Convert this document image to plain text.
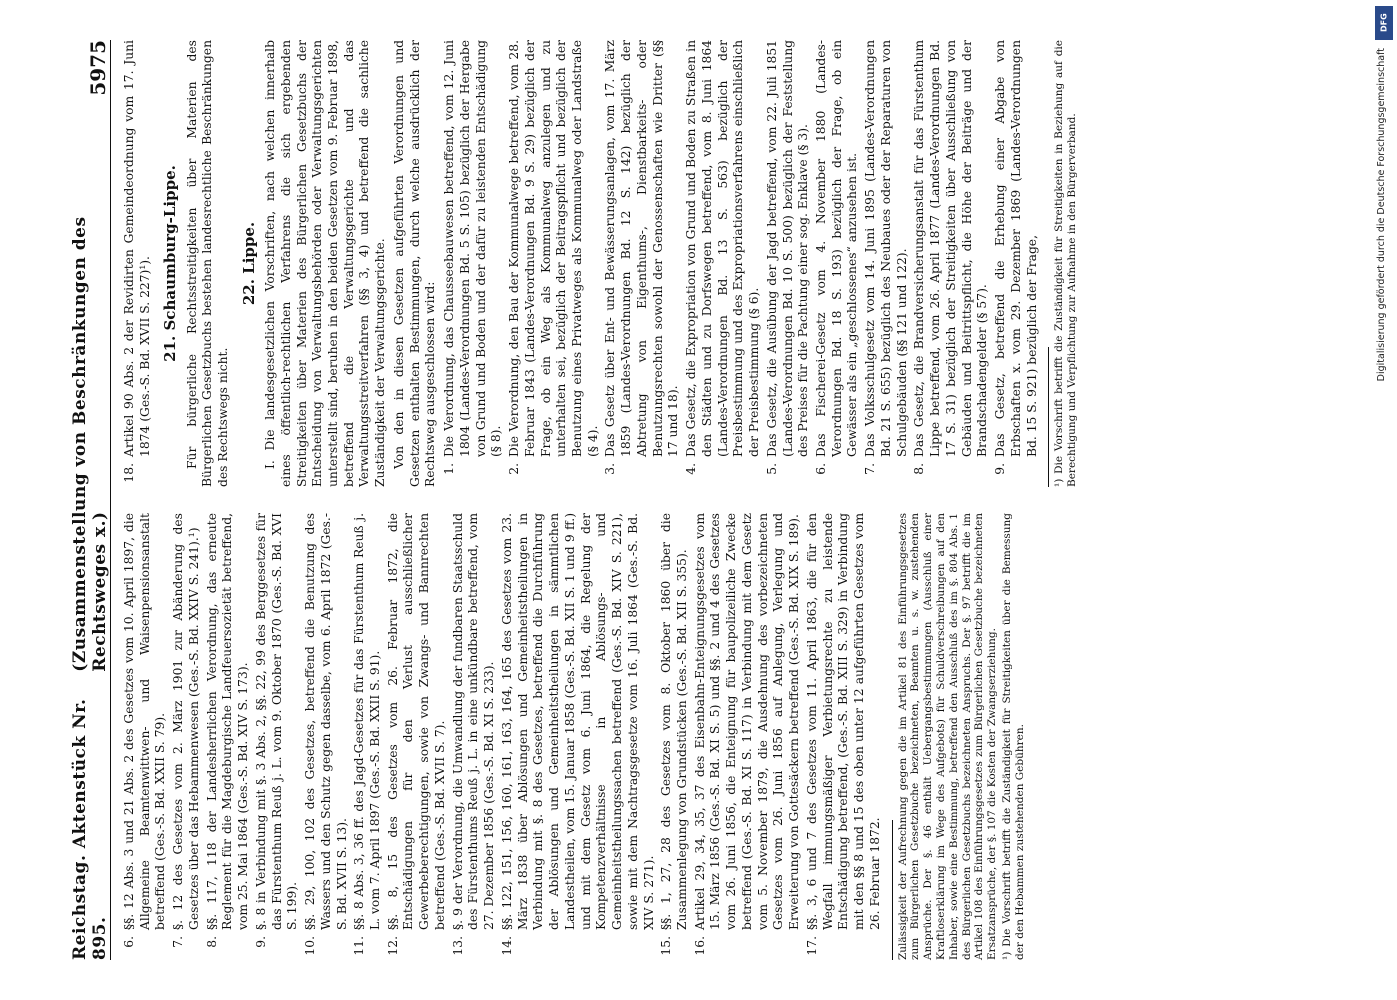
Reichstag. Aktenstück Nr. 895.
(Zusammenstellung von Beschränkungen des Rechtsweges x.)
5975
6.
§§. 12 Abs. 3 und 21 Abs. 2 des Gesetzes vom 10. April 1897, die Allgemeine Beamtenwittwen- und Waisenpensionsanstalt betreffend (Ges.-S. Bd. XXII S. 79).
7.
§. 12 des Gesetzes vom 2. März 1901 zur Abänderung des Gesetzes über das Hebammenwesen (Ges.-S. Bd. XXIV S. 241).¹)
8.
§§. 117, 118 der Landesherrlichen Verordnung, das erneute Reglement für die Magdeburgische Landfeuersozietät betreffend, vom 25. Mai 1864 (Ges.-S. Bd. XIV S. 173).
9.
§. 8 in Verbindung mit §. 3 Abs. 2, §§. 22, 99 des Berggesetzes für das Fürstenthum Reuß j. L. vom 9. Oktober 1870 (Ges.-S. Bd. XVI S. 199).
10.
§§. 29, 100, 102 des Gesetzes, betreffend die Benutzung des Wassers und den Schutz gegen dasselbe, vom 6. April 1872 (Ges.-S. Bd. XVII S. 13).
11.
§§. 8 Abs. 3, 36 ff. des Jagd-Gesetzes für das Fürstenthum Reuß j. L. vom 7. April 1897 (Ges.-S. Bd. XXII S. 91).
12.
§§. 8, 15 des Gesetzes vom 26. Februar 1872, die Entschädigungen für den Verlust ausschließlicher Gewerbeberechtigungen, sowie von Zwangs- und Bannrechten betreffend (Ges.-S. Bd. XVII S. 7).
13.
§. 9 der Verordnung, die Umwandlung der fundbaren Staatsschuld des Fürstenthums Reuß j. L. in eine unkündbare betreffend, vom 27. Dezember 1856 (Ges.-S. Bd. XI S. 233).
14.
§§. 122, 151, 156, 160, 161, 163, 164, 165 des Gesetzes vom 23. März 1838 über Ablösungen und Gemeinheitstheilungen in Verbindung mit §. 8 des Gesetzes, betreffend die Durchführung der Ablösungen und Gemeinheitstheilungen in sämmtlichen Landestheilen, vom 15. Januar 1858 (Ges.-S. Bd. XII S. 1 und 9 ff.) und mit dem Gesetz vom 6. Juni 1864, die Regelung der Kompetenzverhältnisse in Ablösungs- und Gemeinheitstheilungssachen betreffend (Ges.-S. Bd. XIV S. 221), sowie mit dem Nachtragsgesetze vom 16. Juli 1864 (Ges.-S. Bd. XIV S. 271).
15.
§§. 1, 27, 28 des Gesetzes vom 8. Oktober 1860 über die Zusammenlegung von Grundstücken (Ges.-S. Bd. XII S. 355).
16.
Artikel 29, 34, 35, 37 des Eisenbahn-Enteignungsgesetzes vom 15. März 1856 (Ges.-S. Bd. XI S. 5) und §§. 2 und 4 des Gesetzes vom 26. Juni 1856, die Enteignung für baupolizeiliche Zwecke betreffend (Ges.-S. Bd. XI S. 117) in Verbindung mit dem Gesetz vom 5. November 1879, die Ausdehnung des vorbezeichneten Gesetzes vom 26. Juni 1856 auf Anlegung, Verlegung und Erweiterung von Gottesäckern betreffend (Ges.-S. Bd. XIX S. 189).
17.
§§. 3, 6 und 7 des Gesetzes vom 11. April 1863, die für den Wegfall immungsmäßiger Verbietungsrechte zu leistende Entschädigung betreffend, (Ges.-S. Bd. XIII S. 329) in Verbindung mit den §§ 8 und 15 des oben unter 12 aufgeführten Gesetzes vom 26. Februar 1872. Zulässigkeit der Aufrechnung gegen die im Artikel 81 des Einführungsgesetzes zum Bürgerlichen Gesetzbuche bezeichneten, Beamten u. s. w. zustehenden Ansprüche. Der §. 46 enthält Uebergangsbestimmungen (Ausschluß einer Kraftloserklärung im Wege des Aufgebots) für Schuldverschreibungen auf den Inhaber, sowie eine Bestimmung, betreffend den Ausschluß des im §. 804 Abs. 1 des Bürgerlichen Gesetzbuchs bezeichneten Anspruchs. Der §. 97 betrifft die im Artikel 108 des Einführungsgesetzes zum Bürgerlichen Gesetzbuche bezeichneten Ersatzansprüche, der §. 107 die Kosten der Zwangserziehung. ¹) Die Vorschrift betrifft die Zuständigkeit für Streitigkeiten über die Bemessung der den Hebammen zustehenden Gebühren.
18.
Artikel 90 Abs. 2 der Revidirten Gemeindeordnung vom 17. Juni 1874 (Ges.-S. Bd. XVII S. 227)¹). 21. Schaumburg-Lippe. Für bürgerliche Rechtsstreitigkeiten über Materien des Bürgerlichen Gesetzbuchs bestehen landesrechtliche Beschränkungen des Rechtswegs nicht.
22. Lippe. I. Die landesgesetzlichen Vorschriften, nach welchen innerhalb eines öffentlich-rechtlichen Verfahrens die sich ergebenden Streitigkeiten über Materien des Bürgerlichen Gesetzbuchs der Entscheidung von Verwaltungsbehörden oder Verwaltungsgerichten unterstellt sind, beruhen in den beiden Gesetzen vom 9. Februar 1898, betreffend die Verwaltungsgerichte und das Verwaltungsstreitverfahren (§§ 3, 4) und betreffend die sachliche Zuständigkeit der Verwaltungsgerichte. Von den in diesen Gesetzen aufgeführten Verordnungen und Gesetzen enthalten Bestimmungen, durch welche ausdrücklich der Rechtsweg ausgeschlossen wird: 1.
Die Verordnung, das Chausseebauwesen betreffend, vom 12. Juni 1804 (Landes-Verordnungen Bd. 5 S. 105) bezüglich der Hergabe von Grund und Boden und der dafür zu leistenden Entschädigung (§ 8).
2.
Die Verordnung, den Bau der Kommunalwege betreffend, vom 28. Februar 1843 (Landes-Verordnungen Bd. 9 S. 29) bezüglich der Frage, ob ein Weg als Kommunalweg anzulegen und zu unterhalten sei, bezüglich der Beitragspflicht und bezüglich der Benutzung eines Privatweges als Kommunalweg oder Landstraße (§ 4).
3.
Das Gesetz über Ent- und Bewässerungsanlagen, vom 17. März 1859 (Landes-Verordnungen Bd. 12 S. 142) bezüglich der Abtretung von Eigenthums-, Dienstbarkeits- oder Benutzungsrechten sowohl der Genossenschaften wie Dritter (§§ 17 und 18).
4.
Das Gesetz, die Expropriation von Grund und Boden zu Straßen in den Städten und zu Dorfswegen betreffend, vom 8. Juni 1864 (Landes-Verordnungen Bd. 13 S. 563) bezüglich der Preisbestimmung und des Expropriationsverfahrens einschließlich der Preisbestimmung (§ 6).
5.
Das Gesetz, die Ausübung der Jagd betreffend, vom 22. Juli 1851 (Landes-Verordnungen Bd. 10 S. 500) bezüglich der Feststellung des Preises für die Pachtung einer sog. Enklave (§ 3).
6.
Das Fischerei-Gesetz vom 4. November 1880 (Landes-Verordnungen Bd. 18 S. 193) bezüglich der Frage, ob ein Gewässer als ein „geschlossenes“ anzusehen ist.
7.
Das Volksschulgesetz vom 14. Juni 1895 (Landes-Verordnungen Bd. 21 S. 655) bezüglich des Neubaues oder der Reparaturen von Schulgebäuden (§§ 121 und 122).
8.
Das Gesetz, die Brandversicherungsanstalt für das Fürstenthum Lippe betreffend, vom 26. April 1877 (Landes-Verordnungen Bd. 17 S. 31) bezüglich der Streitigkeiten über Ausschließung von Gebäuden und Beitrittspflicht, die Höhe der Beiträge und der Brandschadengelder (§ 57).
9.
Das Gesetz, betreffend die Erhebung einer Abgabe von Erbschaften x. vom 29. Dezember 1869 (Landes-Verordnungen Bd. 15 S. 921) bezüglich der Frage, ¹) Die Vorschrift betrifft die Zuständigkeit für Streitigkeiten in Beziehung auf die Berechtigung und Verpflichtung zur Aufnahme in den Bürgerverband.
DFG
Digitalisierung gefördert durch die Deutsche Forschungsgemeinschaft
